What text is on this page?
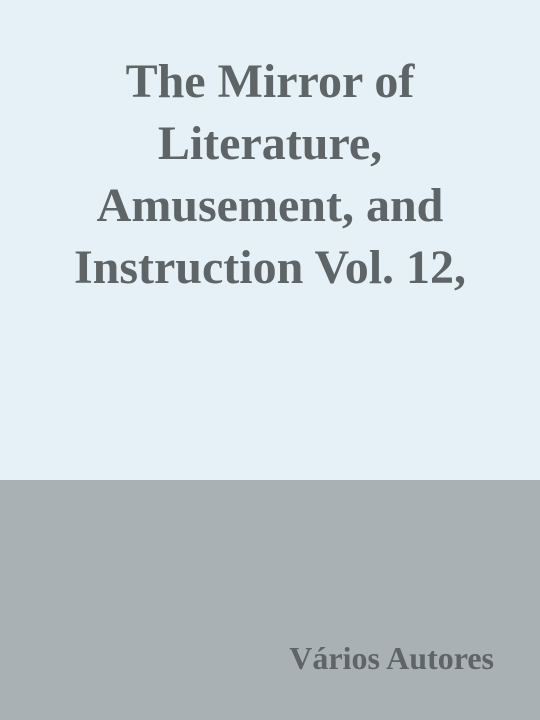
The Mirror of
Literature,
Amusement, and
Instruction Vol. 12,

Vários Autores
